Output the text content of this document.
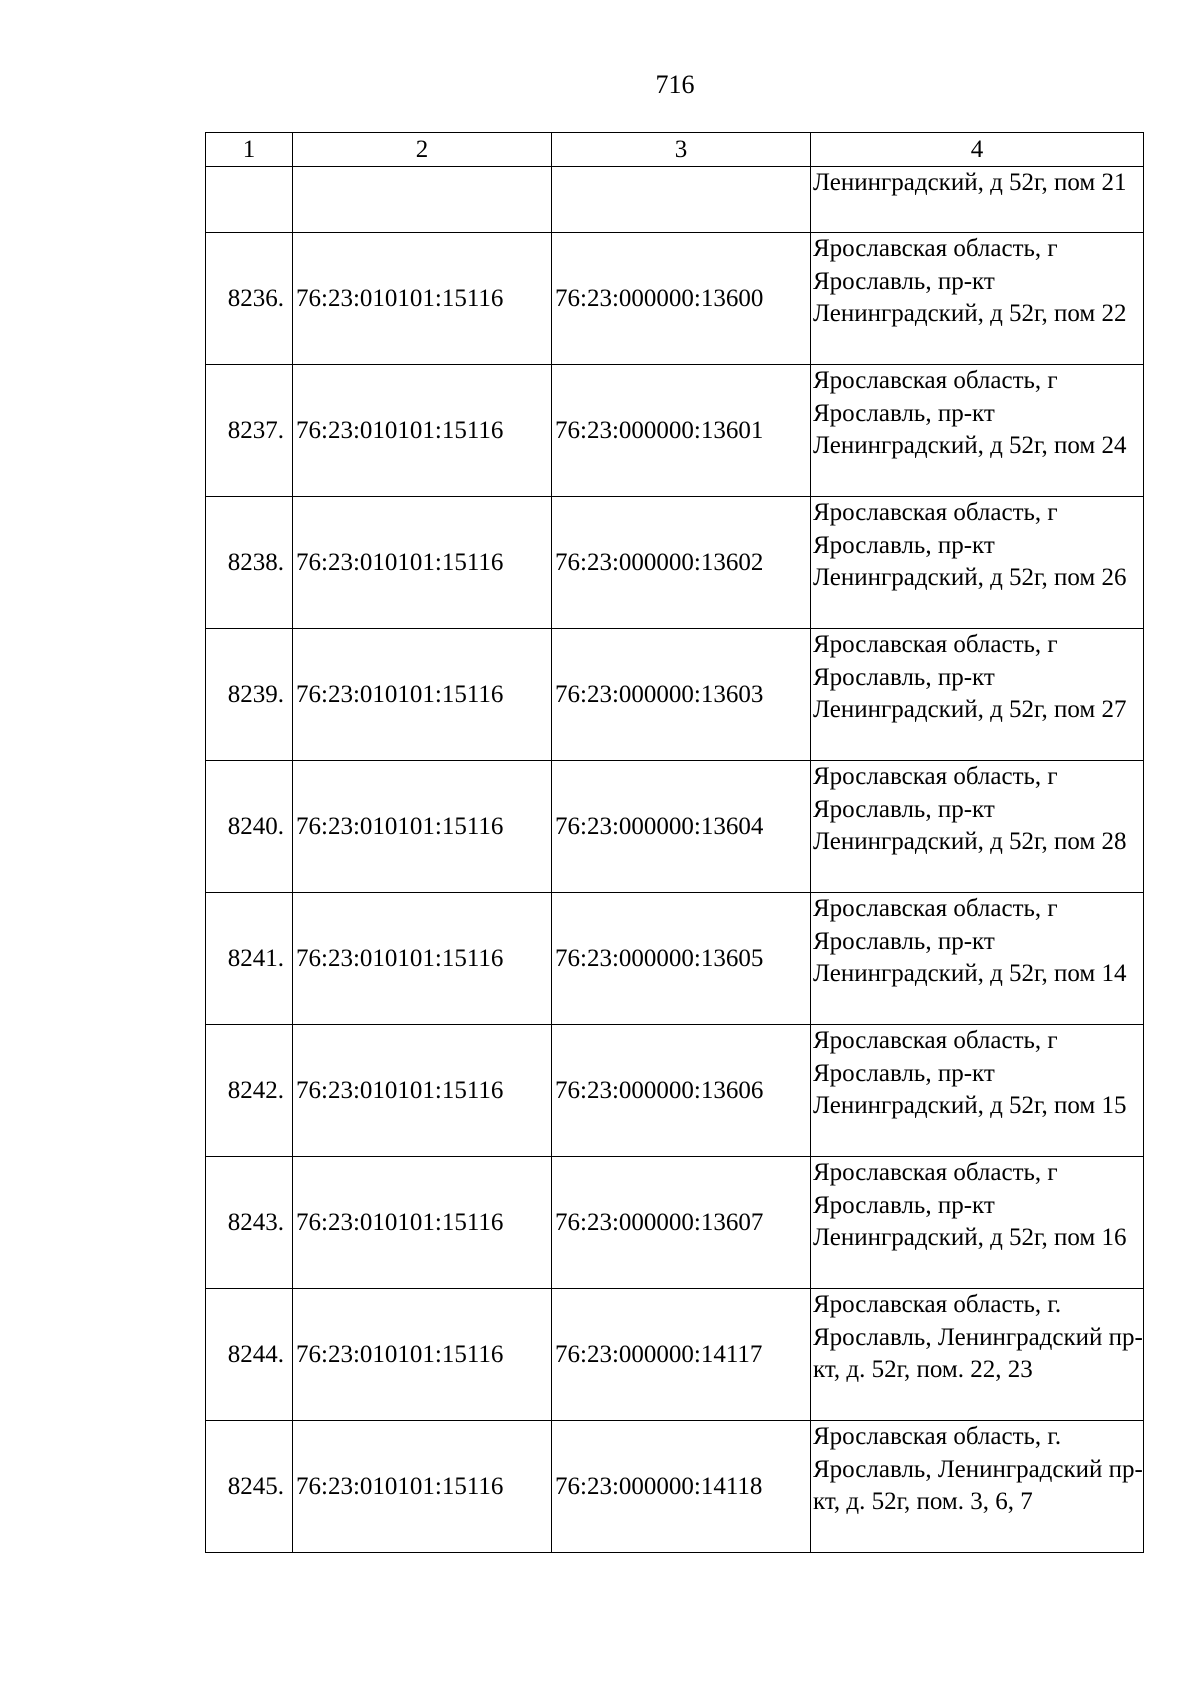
716
1	2	3	4
			Ленинградский, д 52г, пом 21
8236.	76:23:010101:15116	76:23:000000:13600	Ярославская область, г Ярославль, пр-кт Ленинградский, д 52г, пом 22
8237.	76:23:010101:15116	76:23:000000:13601	Ярославская область, г Ярославль, пр-кт Ленинградский, д 52г, пом 24
8238.	76:23:010101:15116	76:23:000000:13602	Ярославская область, г Ярославль, пр-кт Ленинградский, д 52г, пом 26
8239.	76:23:010101:15116	76:23:000000:13603	Ярославская область, г Ярославль, пр-кт Ленинградский, д 52г, пом 27
8240.	76:23:010101:15116	76:23:000000:13604	Ярославская область, г Ярославль, пр-кт Ленинградский, д 52г, пом 28
8241.	76:23:010101:15116	76:23:000000:13605	Ярославская область, г Ярославль, пр-кт Ленинградский, д 52г, пом 14
8242.	76:23:010101:15116	76:23:000000:13606	Ярославская область, г Ярославль, пр-кт Ленинградский, д 52г, пом 15
8243.	76:23:010101:15116	76:23:000000:13607	Ярославская область, г Ярославль, пр-кт Ленинградский, д 52г, пом 16
8244.	76:23:010101:15116	76:23:000000:14117	Ярославская область, г. Ярославль, Ленинградский пр-кт, д. 52г, пом. 22, 23
8245.	76:23:010101:15116	76:23:000000:14118	Ярославская область, г. Ярославль, Ленинградский пр-кт, д. 52г, пом. 3, 6, 7
